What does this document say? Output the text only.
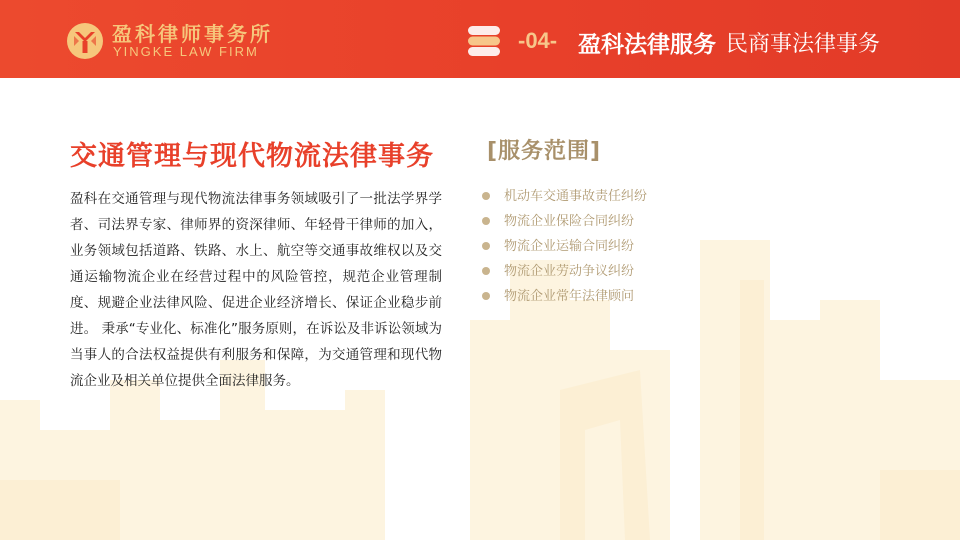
盈科律师事务所
YINGKE LAW FIRM	-04- 盈科法律服务 民商事法律事务
交通管理与现代物流法律事务
盈科在交通管理与现代物流法律事务领域吸引了一批法学界学者、司法界专家、律师界的资深律师、年轻骨干律师的加入，业务领域包括道路、铁路、水上、航空等交通事故维权以及交通运输物流企业在经营过程中的风险管控，规范企业管理制度、规避企业法律风险、促进企业经济增长、保证企业稳步前进。 秉承“专业化、标准化”服务原则，在诉讼及非诉讼领域为当事人的合法权益提供有利服务和保障，为交通管理和现代物流企业及相关单位提供全面法律服务。
[服务范围]
机动车交通事故责任纠纷
物流企业保险合同纠纷
物流企业运输合同纠纷
物流企业劳动争议纠纷
物流企业常年法律顾问
